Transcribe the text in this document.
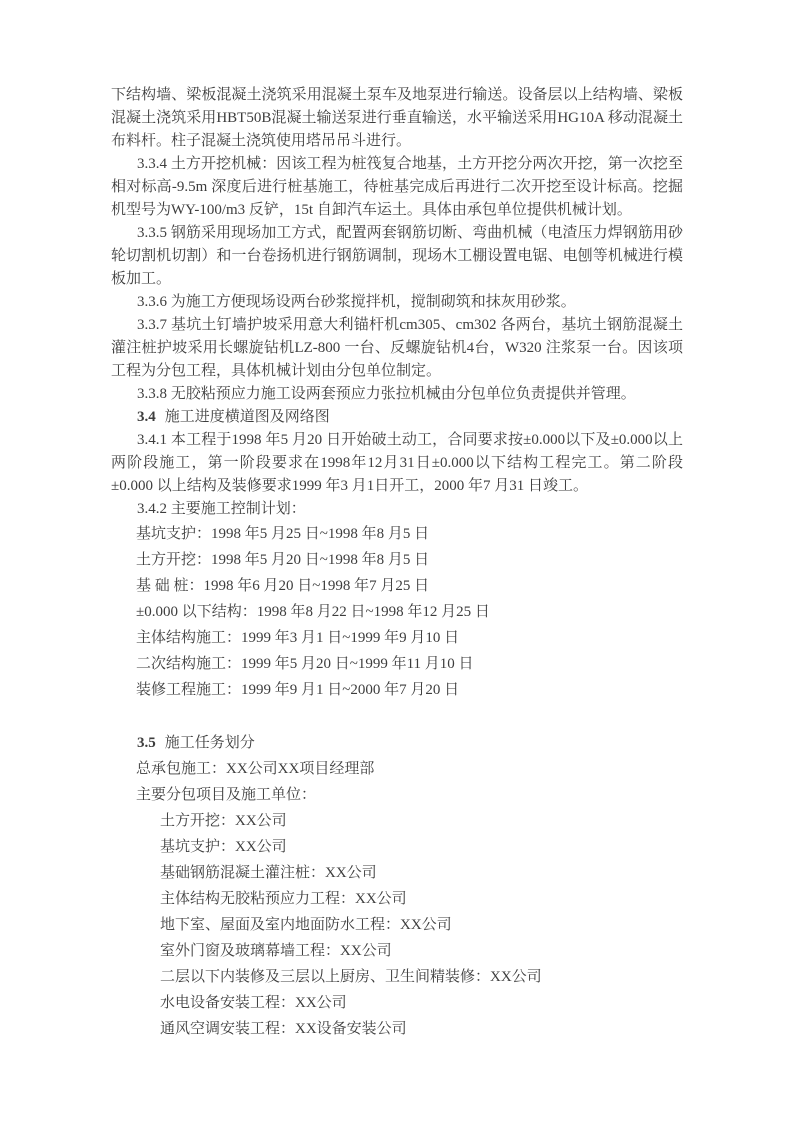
下结构墙、梁板混凝土浇筑采用混凝土泵车及地泵进行输送。设备层以上结构墙、梁板混凝土浇筑采用HBT50B混凝土输送泵进行垂直输送，水平输送采用HG10A 移动混凝土布料杆。柱子混凝土浇筑使用塔吊吊斗进行。

3.3.4 土方开挖机械：因该工程为桩筏复合地基，土方开挖分两次开挖，第一次挖至相对标高-9.5m 深度后进行桩基施工，待桩基完成后再进行二次开挖至设计标高。挖掘机型号为WY-100/m3 反铲，15t 自卸汽车运土。具体由承包单位提供机械计划。

3.3.5 钢筋采用现场加工方式，配置两套钢筋切断、弯曲机械（电渣压力焊钢筋用砂轮切割机切割）和一台卷扬机进行钢筋调制，现场木工棚设置电锯、电刨等机械进行模板加工。

3.3.6 为施工方便现场设两台砂浆搅拌机，搅制砌筑和抹灰用砂浆。

3.3.7 基坑土钉墙护坡采用意大利锚杆机cm305、cm302 各两台，基坑土钢筋混凝土灌注桩护坡采用长螺旋钻机LZ-800 一台、反螺旋钻机4台，W320 注浆泵一台。因该项工程为分包工程，具体机械计划由分包单位制定。

3.3.8 无胶粘预应力施工设两套预应力张拉机械由分包单位负责提供并管理。

3.4 施工进度横道图及网络图

3.4.1 本工程于1998 年5 月20 日开始破土动工，合同要求按±0.000以下及±0.000以上两阶段施工，第一阶段要求在1998年12月31日±0.000以下结构工程完工。第二阶段±0.000 以上结构及装修要求1999 年3 月1日开工，2000 年7 月31 日竣工。

3.4.2 主要施工控制计划：

基坑支护：1998 年5 月25 日~1998 年8 月5 日

土方开挖：1998 年5 月20 日~1998 年8 月5 日

基 础 桩：1998 年6 月20 日~1998 年7 月25 日

±0.000 以下结构：1998 年8 月22 日~1998 年12 月25 日

主体结构施工：1999 年3 月1 日~1999 年9 月10 日

二次结构施工：1999 年5 月20 日~1999 年11 月10 日

装修工程施工：1999 年9 月1 日~2000 年7 月20 日

3.5 施工任务划分

总承包施工：XX公司XX项目经理部

主要分包项目及施工单位：

土方开挖：XX公司

基坑支护：XX公司

基础钢筋混凝土灌注桩：XX公司

主体结构无胶粘预应力工程：XX公司

地下室、屋面及室内地面防水工程：XX公司

室外门窗及玻璃幕墙工程：XX公司

二层以下内装修及三层以上厨房、卫生间精装修：XX公司

水电设备安装工程：XX公司

通风空调安装工程：XX设备安装公司
